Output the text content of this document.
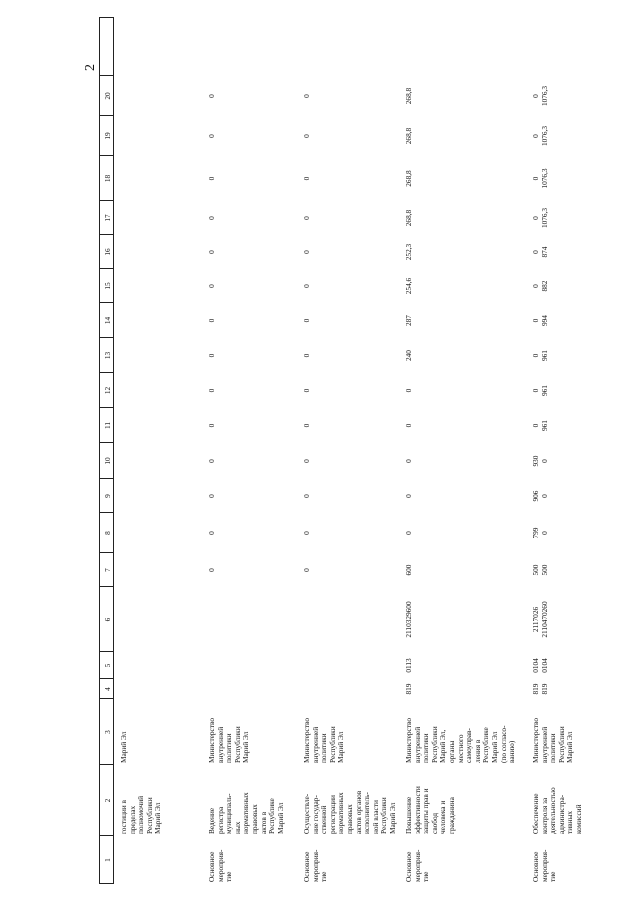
2
1
2
3
4
5
6
7
8
9
10
11
12
13
14
15
16
17
18
19
20
гостиции в
пределах
полномочий
Республики
Марий Эл
Марий Эл
Основное
мероприя-
тие
Ведение
регистра
муниципаль-
ных
нормативных
правовых
актов в
Республике
Марий Эл
Министерство
внутренней
политики
Республики
Марий Эл
0
0
0
0
0
0
0
0
0
0
0
0
0
0
Основное
мероприя-
тие
Осуществле-
ние государ-
ственной
регистрации
нормативных
правовых
актов органов
исполнитель-
ной власти
Республики
Марий Эл
Министерство
внутренней
политики
Республики
Марий Эл
0
0
0
0
0
0
0
0
0
0
0
0
0
0
Основное
мероприя-
тие
Повышение
эффективности
защиты прав и
свобод
человека и
гражданина
Министерство
внутренней
политики
Республики
Марий Эл,
органы
местного
самоуправ-
ления в
Республике
Марий Эл
(по согласо-
ванию)
819
0113
2110329600
600
0
0
0
0
0
240
287
254,6
252,3
268,8
268,8
268,8
268,8
Основное
мероприя-
тие
Обеспечение
контроля за
деятельностью
администра-
тивных
комиссий
Министерство
внутренней
политики
Республики
Марий Эл
819
819
0104
0104
2117026
2110470260
500
500
799
0
906
0
930
0
0
961
0
961
0
961
0
994
0
882
0
874
0
1076,3
0
1076,3
0
1076,3
0
1076,3
